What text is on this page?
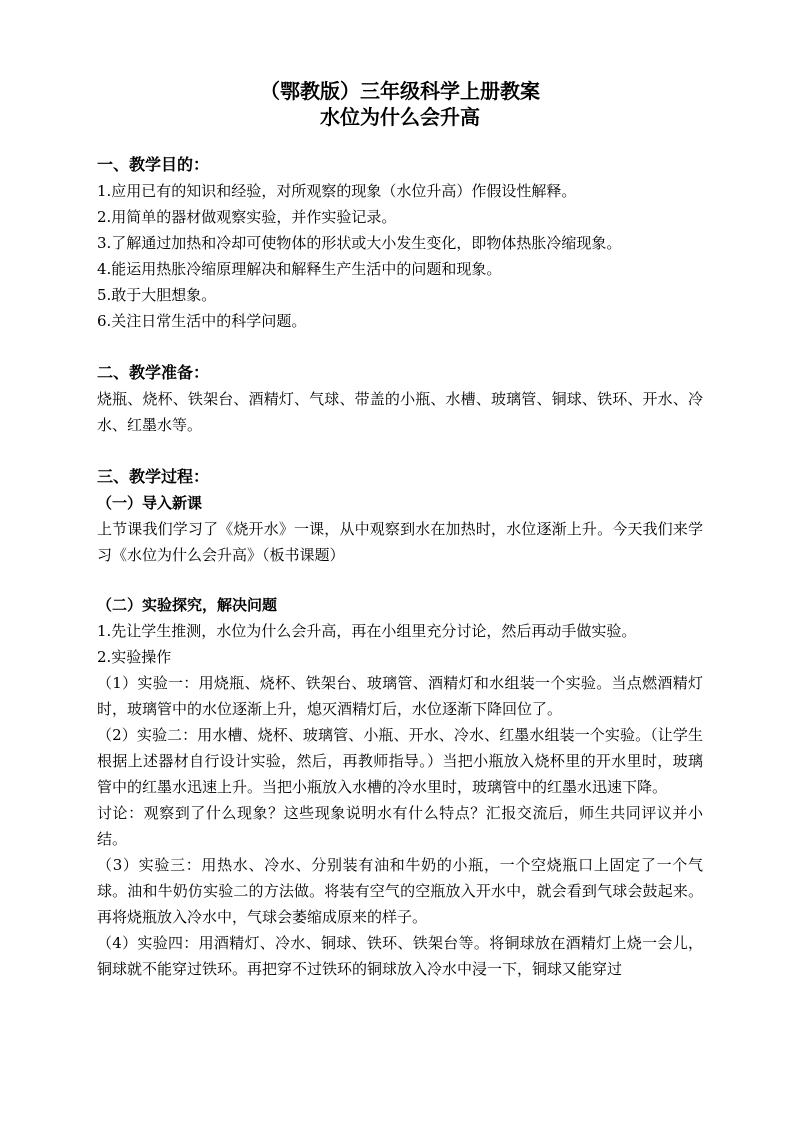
（鄂教版）三年级科学上册教案

水位为什么会升高

一、教学目的：

1.应用已有的知识和经验，对所观察的现象（水位升高）作假设性解释。

2.用简单的器材做观察实验，并作实验记录。

3.了解通过加热和冷却可使物体的形状或大小发生变化，即物体热胀冷缩现象。

4.能运用热胀冷缩原理解决和解释生产生活中的问题和现象。

5.敢于大胆想象。

6.关注日常生活中的科学问题。

二、教学准备：

烧瓶、烧杯、铁架台、酒精灯、气球、带盖的小瓶、水槽、玻璃管、铜球、铁环、开水、冷水、红墨水等。

三、教学过程：

（一）导入新课

上节课我们学习了《烧开水》一课，从中观察到水在加热时，水位逐渐上升。今天我们来学习《水位为什么会升高》（板书课题）

（二）实验探究，解决问题

1.先让学生推测，水位为什么会升高，再在小组里充分讨论，然后再动手做实验。

2.实验操作

（1）实验一：用烧瓶、烧杯、铁架台、玻璃管、酒精灯和水组装一个实验。当点燃酒精灯时，玻璃管中的水位逐渐上升，熄灭酒精灯后，水位逐渐下降回位了。

（2）实验二：用水槽、烧杯、玻璃管、小瓶、开水、冷水、红墨水组装一个实验。（让学生根据上述器材自行设计实验，然后，再教师指导。）当把小瓶放入烧杯里的开水里时，玻璃管中的红墨水迅速上升。当把小瓶放入水槽的冷水里时，玻璃管中的红墨水迅速下降。

讨论：观察到了什么现象？这些现象说明水有什么特点？汇报交流后，师生共同评议并小结。

（3）实验三：用热水、冷水、分别装有油和牛奶的小瓶，一个空烧瓶口上固定了一个气球。油和牛奶仿实验二的方法做。将装有空气的空瓶放入开水中，就会看到气球会鼓起来。再将烧瓶放入冷水中，气球会萎缩成原来的样子。

（4）实验四：用酒精灯、冷水、铜球、铁环、铁架台等。将铜球放在酒精灯上烧一会儿，铜球就不能穿过铁环。再把穿不过铁环的铜球放入冷水中浸一下，铜球又能穿过
